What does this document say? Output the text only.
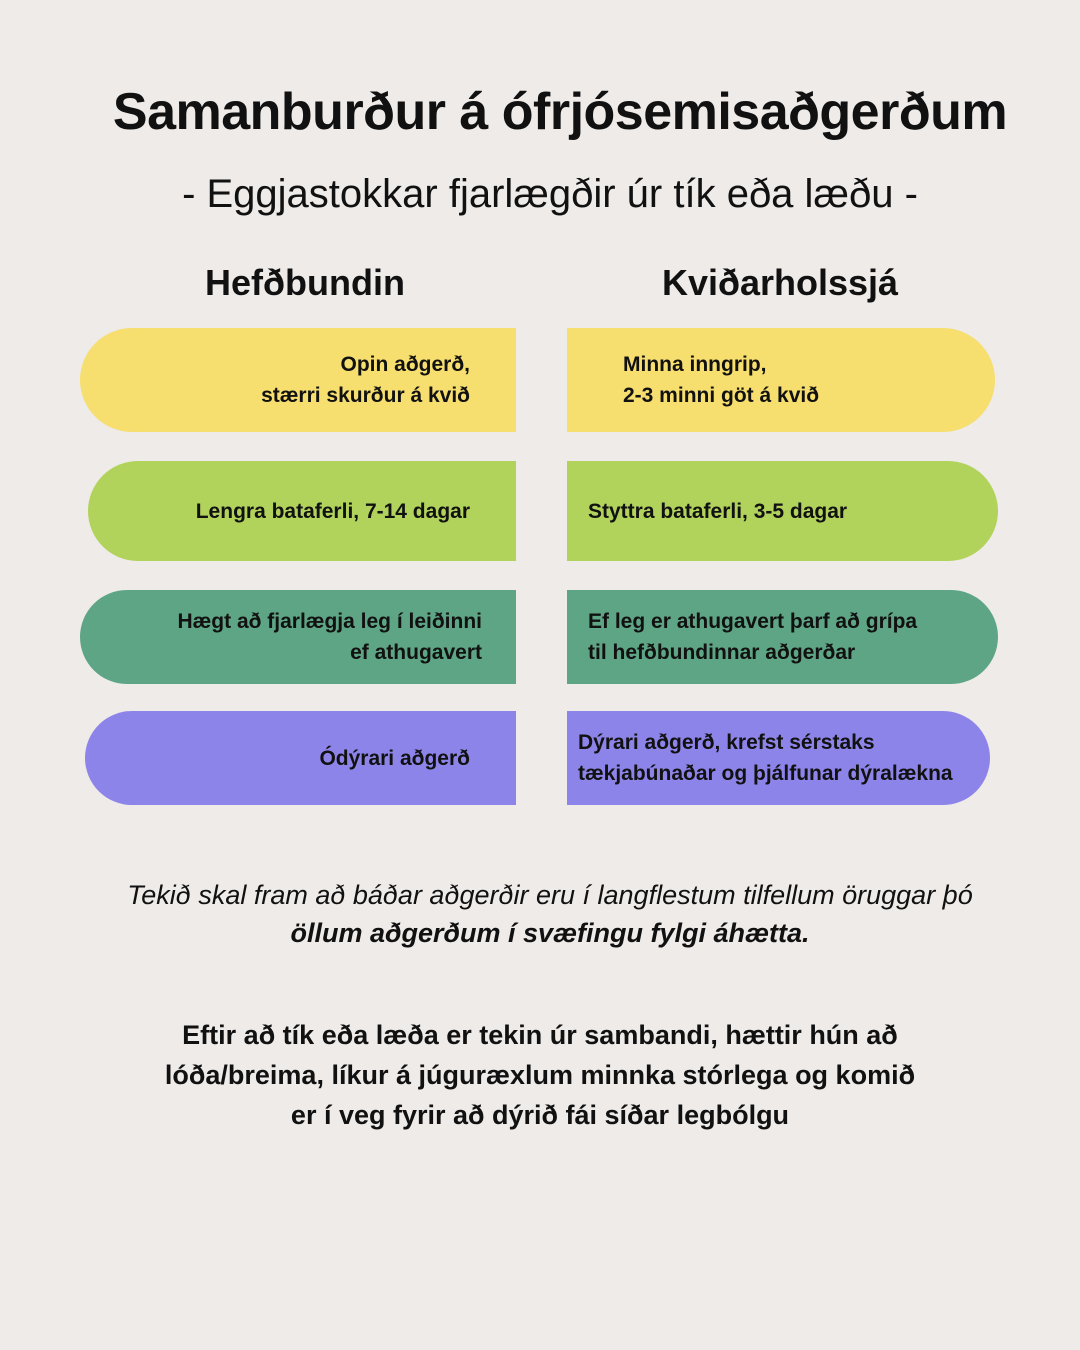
Samanburður á ófrjósemisaðgerðum
- Eggjastokkar fjarlægðir úr tík eða læðu -
Hefðbundin	Kviðarholssjá
Opin aðgerð,
stærri skurður á kvið
Minna inngrip,
2-3 minni göt á kvið
Lengra bataferli, 7-14 dagar	Styttra bataferli, 3-5 dagar
Hægt að fjarlægja leg í leiðinni
ef athugavert
Ef leg er athugavert þarf að grípa
til hefðbundinnar aðgerðar
Ódýrari aðgerð
Dýrari aðgerð, krefst sérstaks
tækjabúnaðar og þjálfunar dýralækna
Tekið skal fram að báðar aðgerðir eru í langflestum tilfellum öruggar þó
öllum aðgerðum í svæfingu fylgi áhætta.
Eftir að tík eða læða er tekin úr sambandi, hættir hún að
lóða/breima, líkur á júguræxlum minnka stórlega og komið
er í veg fyrir að dýrið fái síðar legbólgu
